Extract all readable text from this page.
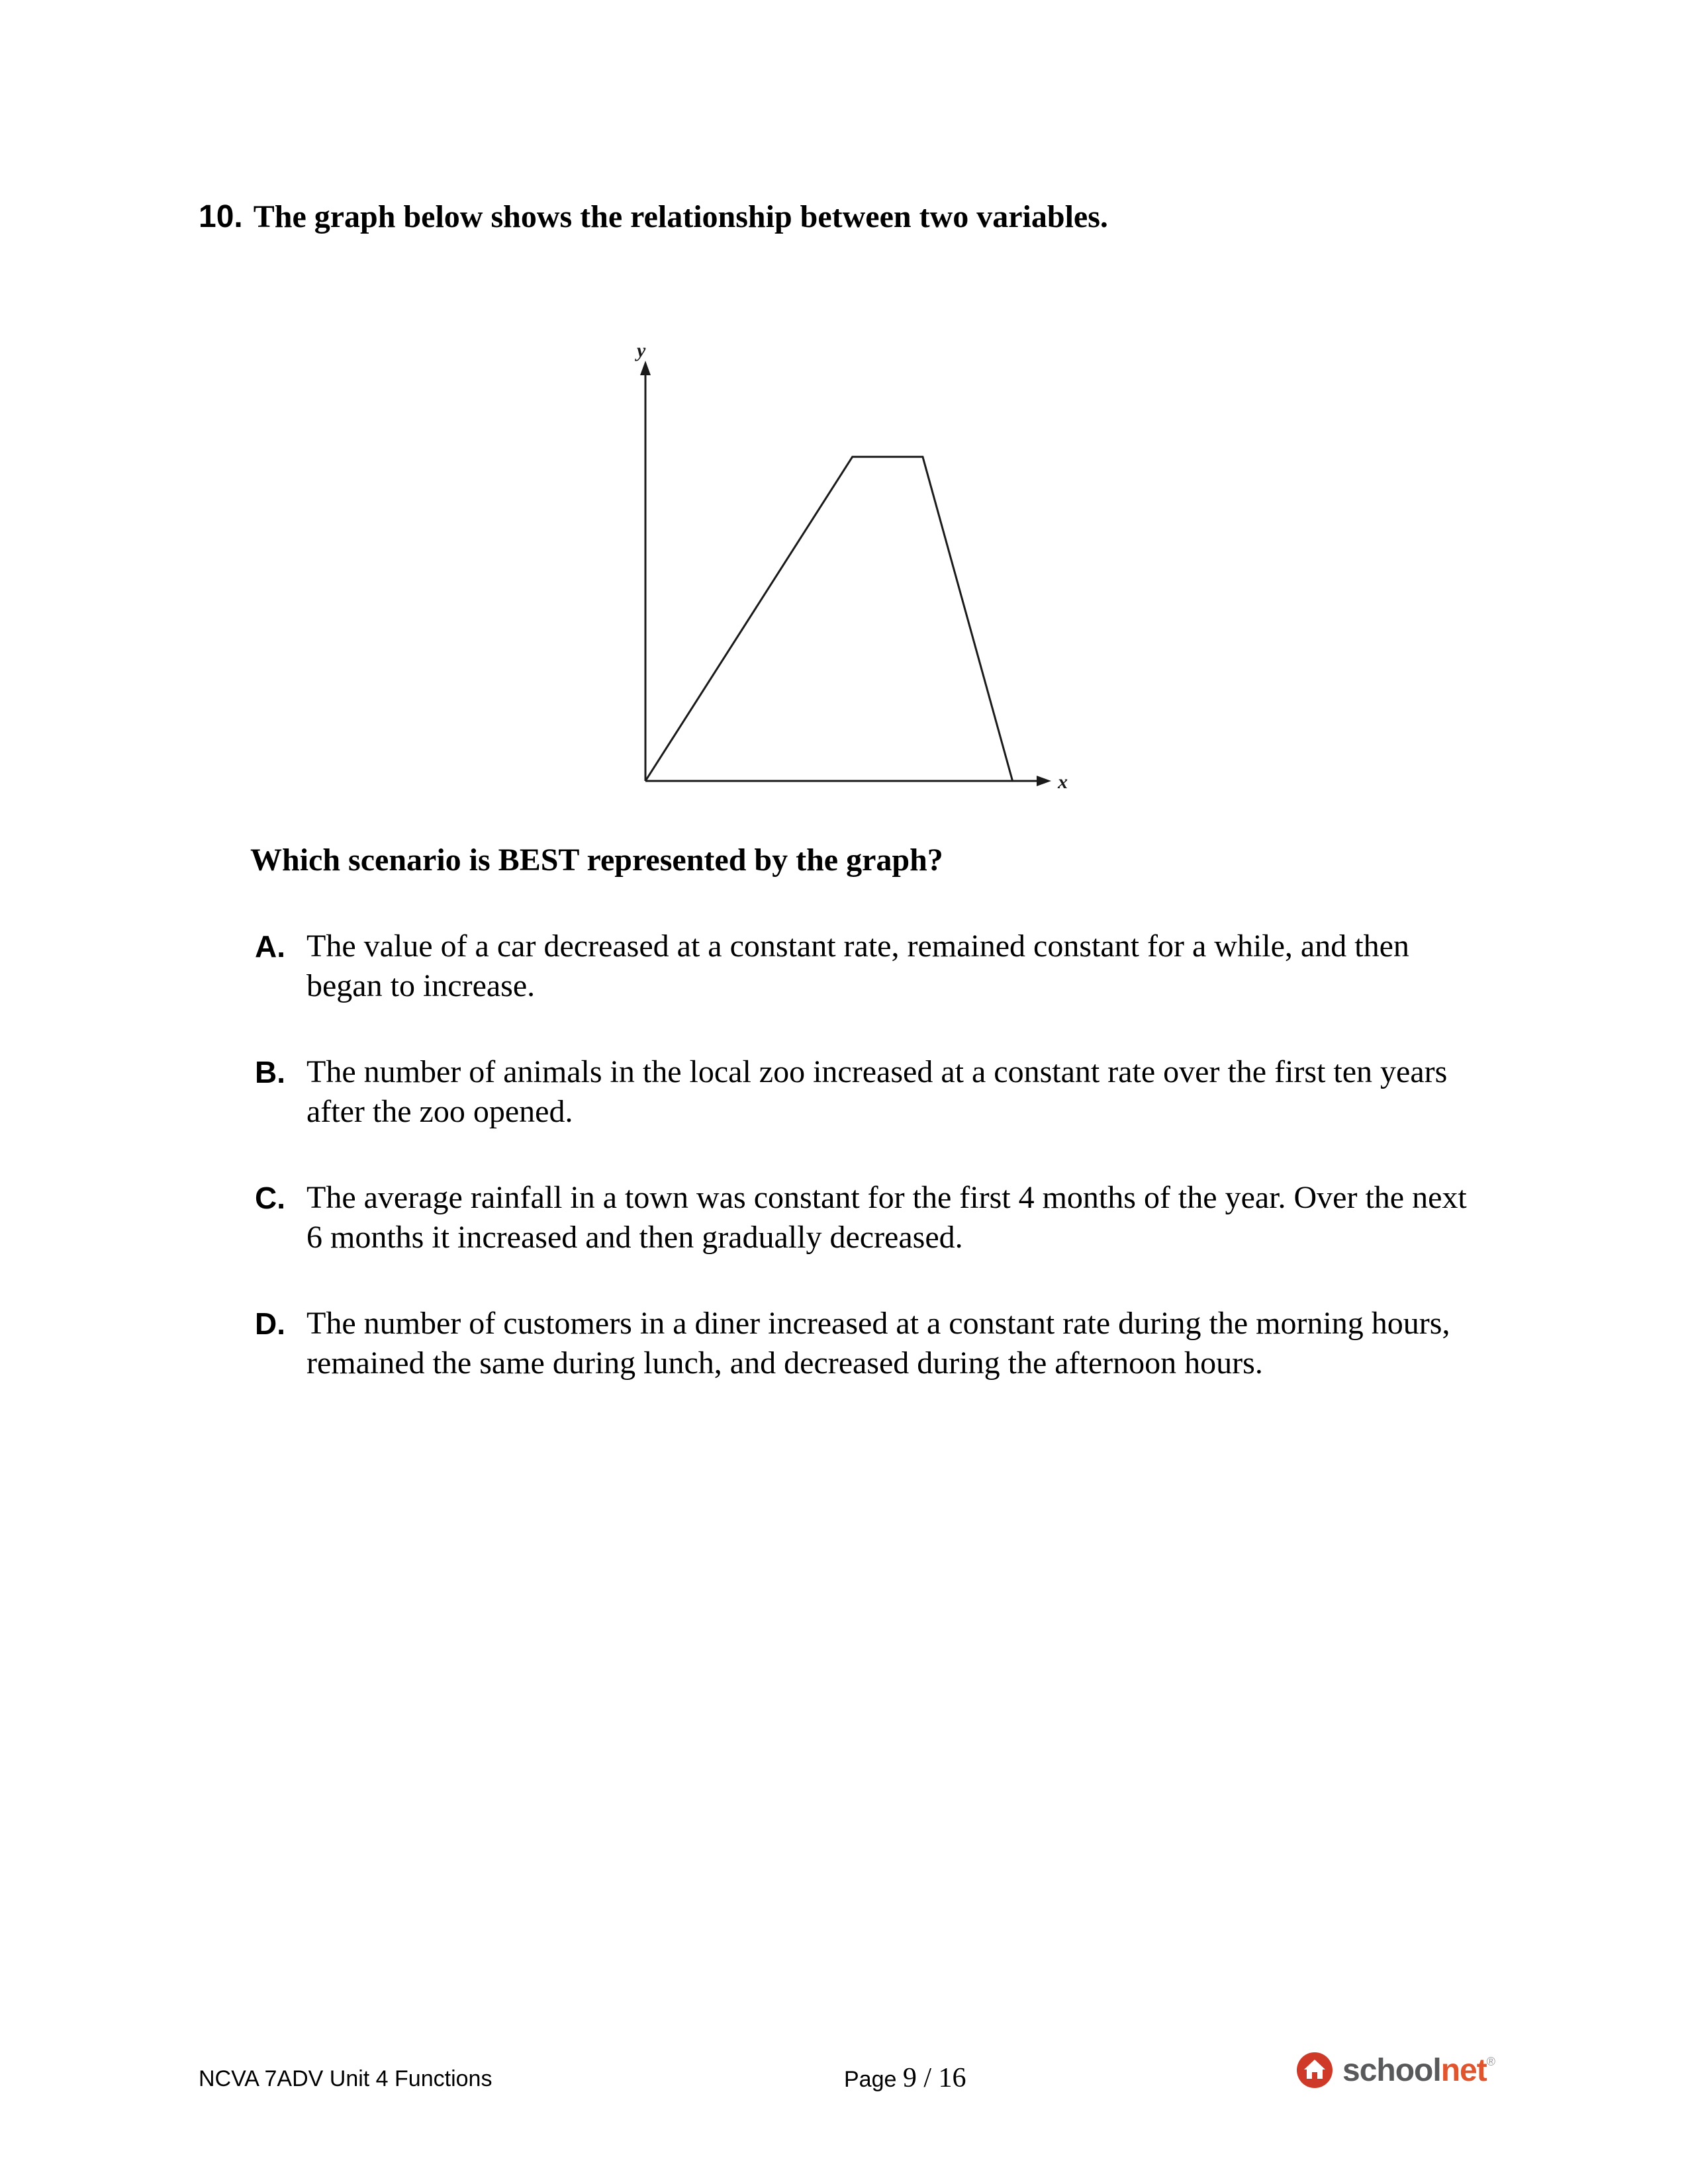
10. The graph below shows the relationship between two variables.
y
x
Which scenario is BEST represented by the graph?
A. The value of a car decreased at a constant rate, remained constant for a while, and then began to increase.
B. The number of animals in the local zoo increased at a constant rate over the first ten years after the zoo opened.
C. The average rainfall in a town was constant for the first 4 months of the year. Over the next 6 months it increased and then gradually decreased.
D. The number of customers in a diner increased at a constant rate during the morning hours, remained the same during lunch, and decreased during the afternoon hours.
NCVA 7ADV Unit 4 Functions	Page 9 / 16	school net ®
